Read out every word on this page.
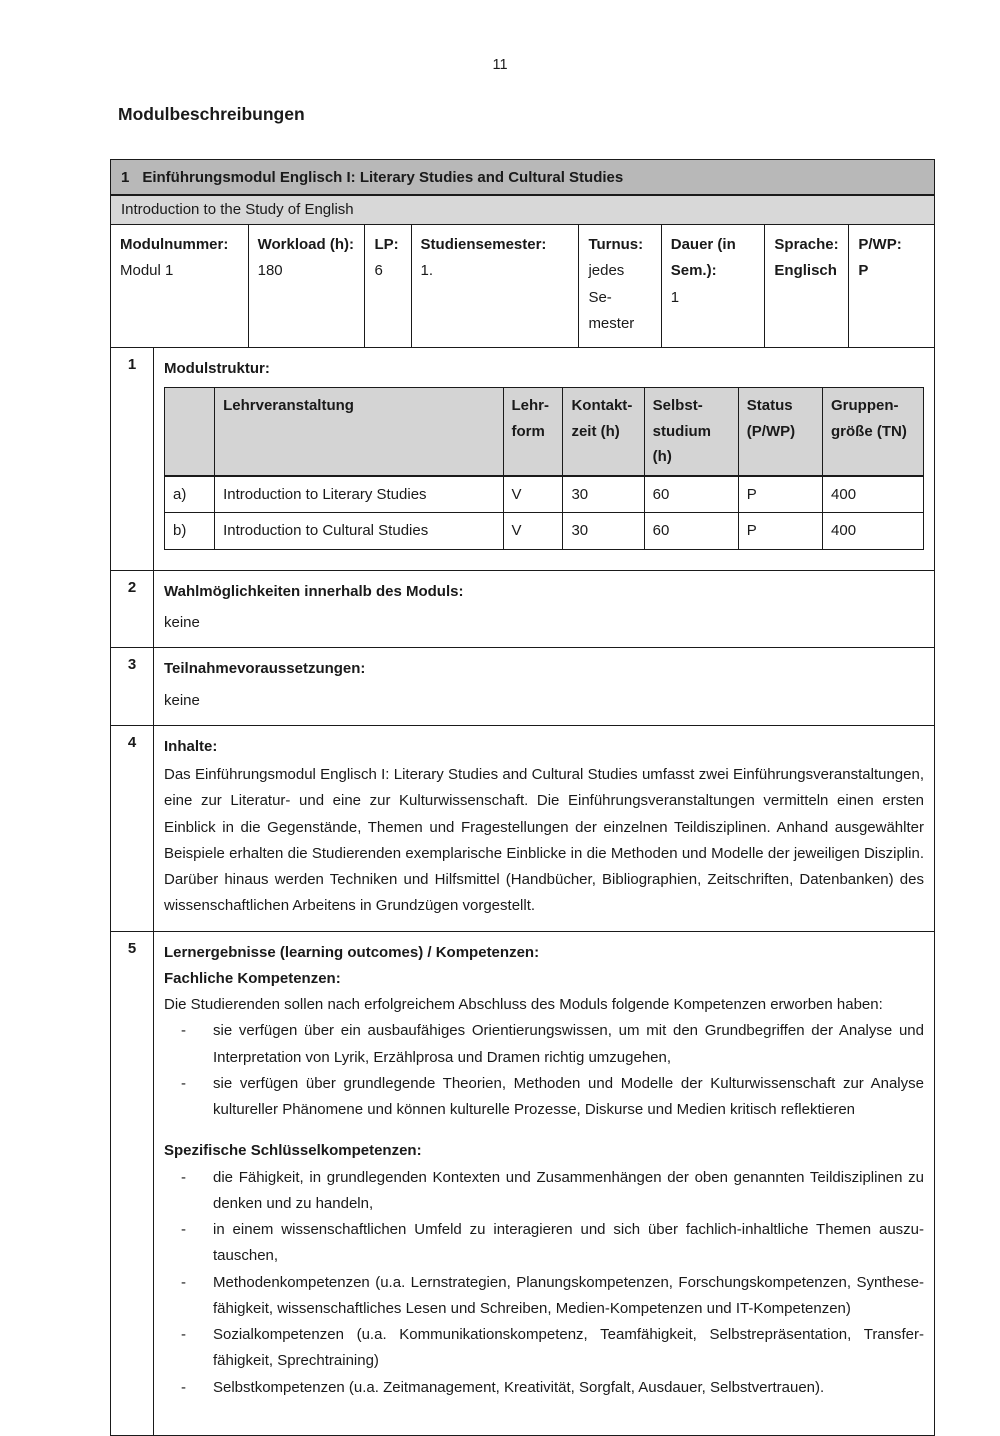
11
Modulbeschreibungen
1 Einführungsmodul Englisch I: Literary Studies and Cultural Studies
Introduction to the Study of English
Modulnummer:
Modul 1
Workload (h):
180
LP:
6
Studiensemester:
1.
Turnus:
jedes Semester
Dauer (in Sem.):
1
Sprache:
Englisch
P/WP:
P
1	Modulstruktur:
	Lehrveranstaltung	Lehrform	Kontaktzeit (h)	Selbststudium (h)	Status (P/WP)	Gruppengröße (TN)
a)	Introduction to Literary Studies	V	30	60	P	400
b)	Introduction to Cultural Studies	V	30	60	P	400
2	Wahlmöglichkeiten innerhalb des Moduls:
keine
3	Teilnahmevoraussetzungen:
keine
4	Inhalte:
Das Einführungsmodul Englisch I: Literary Studies and Cultural Studies umfasst zwei Einführungsveranstaltungen, eine zur Literatur- und eine zur Kulturwissenschaft. Die Einführungsveranstaltungen vermitteln einen ersten Einblick in die Gegenstände, Themen und Fragestellungen der einzelnen Teildisziplinen. Anhand ausgewählter Beispiele erhalten die Studierenden exemplarische Einblicke in die Methoden und Modelle der jeweiligen Disziplin. Darüber hinaus werden Techniken und Hilfsmittel (Handbücher, Bibliographien, Zeitschriften, Datenbanken) des wissenschaftlichen Arbeitens in Grundzügen vorgestellt.
5	Lernergebnisse (learning outcomes) / Kompetenzen:
Fachliche Kompetenzen:
Die Studierenden sollen nach erfolgreichem Abschluss des Moduls folgende Kompetenzen erworben haben:
-	sie verfügen über ein ausbaufähiges Orientierungswissen, um mit den Grundbegriffen der Analyse und Interpretation von Lyrik, Erzählprosa und Dramen richtig umzugehen,
-	sie verfügen über grundlegende Theorien, Methoden und Modelle der Kulturwissenschaft zur Analyse kultureller Phänomene und können kulturelle Prozesse, Diskurse und Medien kritisch reflektieren
Spezifische Schlüsselkompetenzen:
-	die Fähigkeit, in grundlegenden Kontexten und Zusammenhängen der oben genannten Teildisziplinen zu denken und zu handeln,
-	in einem wissenschaftlichen Umfeld zu interagieren und sich über fachlich-inhaltliche Themen auszutauschen,
-	Methodenkompetenzen (u.a. Lernstrategien, Planungskompetenzen, Forschungskompetenzen, Synthesefähigkeit, wissenschaftliches Lesen und Schreiben, Medien-Kompetenzen und IT-Kompetenzen)
-	Sozialkompetenzen (u.a. Kommunikationskompetenz, Teamfähigkeit, Selbstrepräsentation, Transferfähigkeit, Sprechtraining)
-	Selbstkompetenzen (u.a. Zeitmanagement, Kreativität, Sorgfalt, Ausdauer, Selbstvertrauen).
